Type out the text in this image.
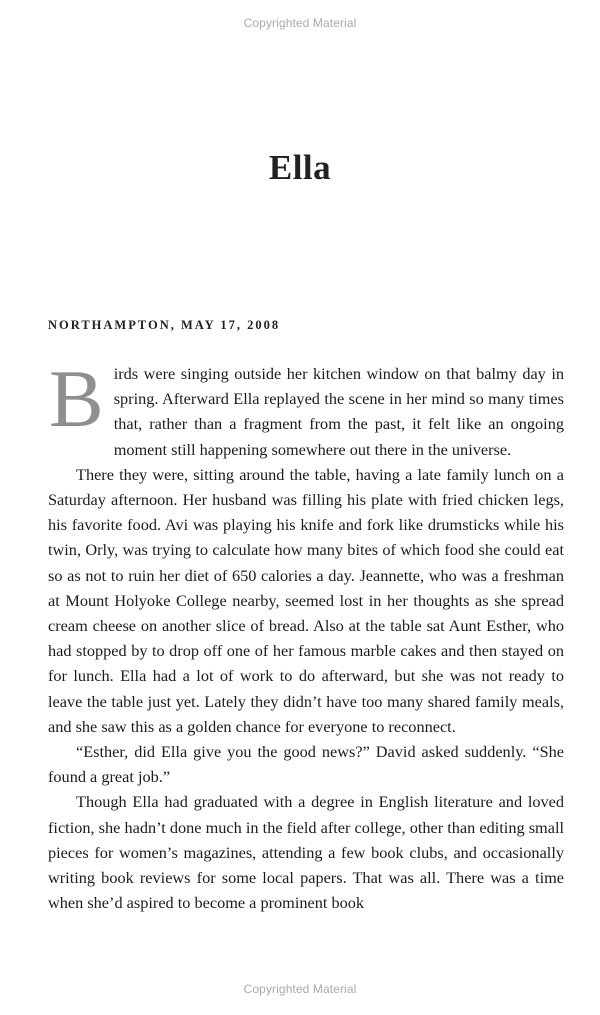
Copyrighted Material
Ella
NORTHAMPTON, MAY 17, 2008

Birds were singing outside her kitchen window on that balmy day in spring. Afterward Ella replayed the scene in her mind so many times that, rather than a fragment from the past, it felt like an ongoing moment still happening somewhere out there in the universe.

There they were, sitting around the table, having a late family lunch on a Saturday afternoon. Her husband was filling his plate with fried chicken legs, his favorite food. Avi was playing his knife and fork like drumsticks while his twin, Orly, was trying to calculate how many bites of which food she could eat so as not to ruin her diet of 650 calories a day. Jeannette, who was a freshman at Mount Holyoke College nearby, seemed lost in her thoughts as she spread cream cheese on another slice of bread. Also at the table sat Aunt Esther, who had stopped by to drop off one of her famous marble cakes and then stayed on for lunch. Ella had a lot of work to do afterward, but she was not ready to leave the table just yet. Lately they didn’t have too many shared family meals, and she saw this as a golden chance for everyone to reconnect.

“Esther, did Ella give you the good news?” David asked suddenly. “She found a great job.”

Though Ella had graduated with a degree in English literature and loved fiction, she hadn’t done much in the field after college, other than editing small pieces for women’s magazines, attending a few book clubs, and occasionally writing book reviews for some local papers. That was all. There was a time when she’d aspired to become a prominent book

Copyrighted Material
